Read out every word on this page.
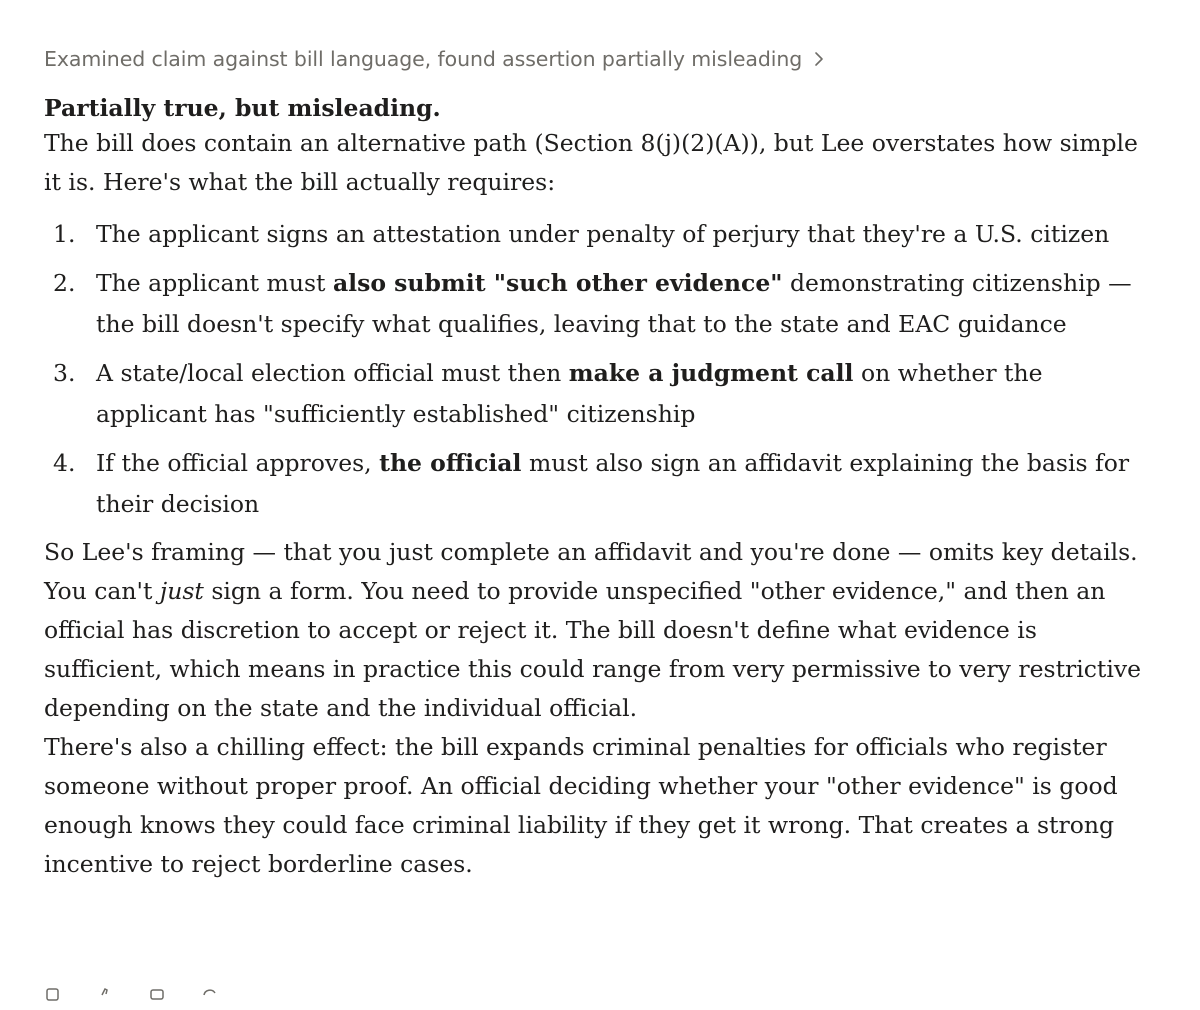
Examined claim against bill language, found assertion partially misleading
Partially true, but misleading.

The bill does contain an alternative path (Section 8(j)(2)(A)), but Lee overstates how simple it is. Here's what the bill actually requires:

1. The applicant signs an attestation under penalty of perjury that they're a U.S. citizen
2. The applicant must also submit "such other evidence" demonstrating citizenship — the bill doesn't specify what qualifies, leaving that to the state and EAC guidance
3. A state/local election official must then make a judgment call on whether the applicant has "sufficiently established" citizenship
4. If the official approves, the official must also sign an affidavit explaining the basis for their decision

So Lee's framing — that you just complete an affidavit and you're done — omits key details. You can't just sign a form. You need to provide unspecified "other evidence," and then an official has discretion to accept or reject it. The bill doesn't define what evidence is sufficient, which means in practice this could range from very permissive to very restrictive depending on the state and the individual official.

There's also a chilling effect: the bill expands criminal penalties for officials who register someone without proper proof. An official deciding whether your "other evidence" is good enough knows they could face criminal liability if they get it wrong. That creates a strong incentive to reject borderline cases.
